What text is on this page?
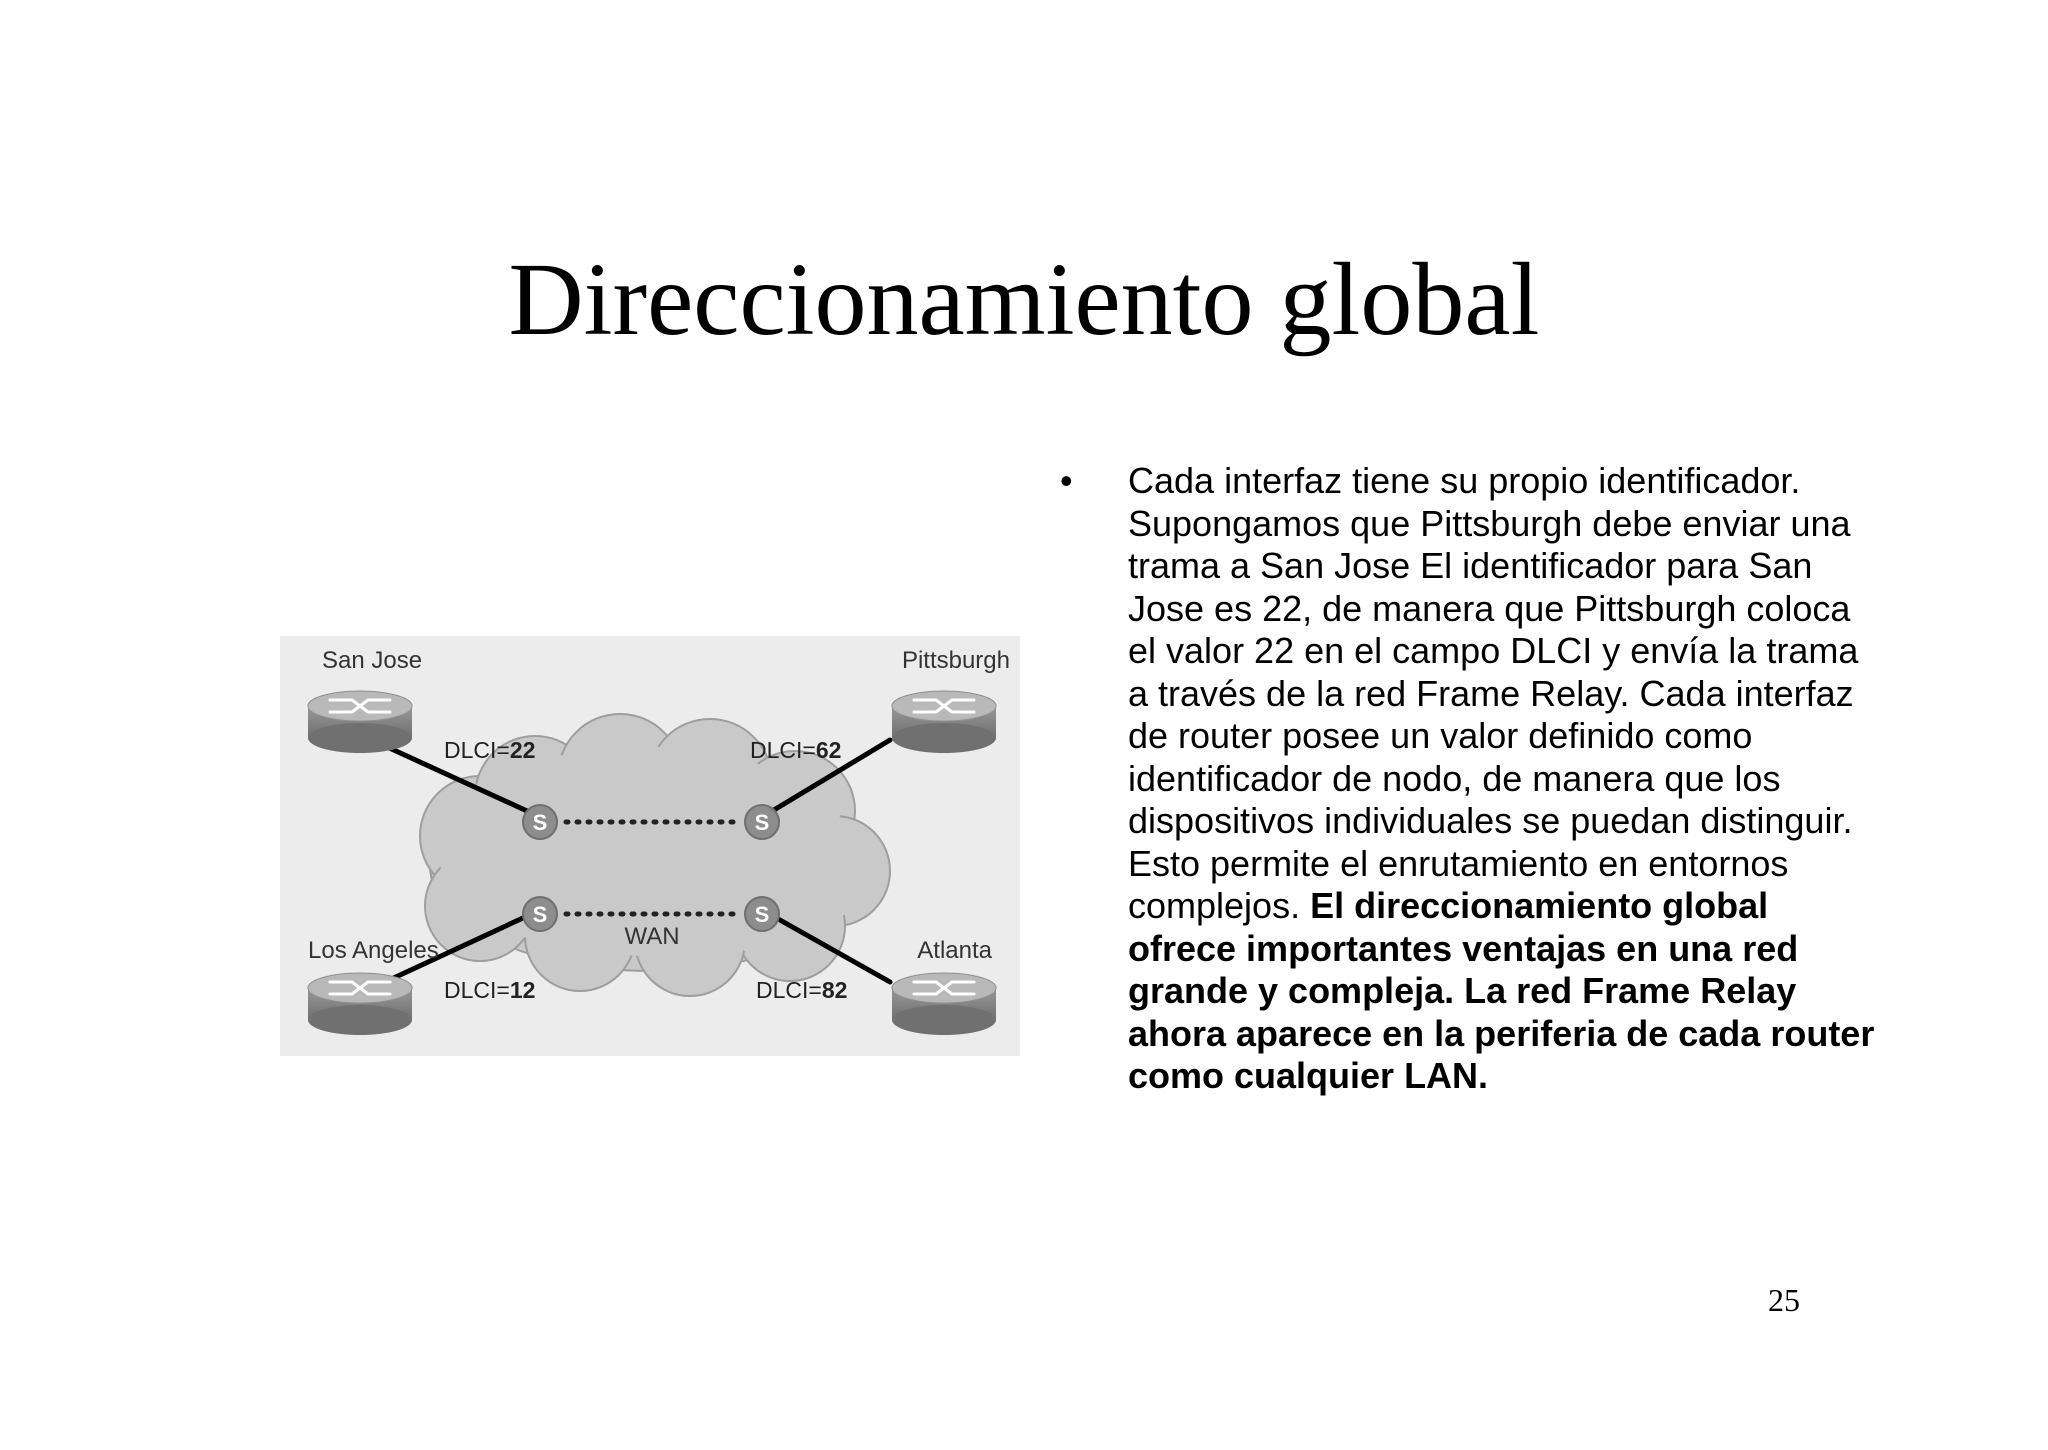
Direccionamiento global
S	S
S	S
WAN
San Jose	Pittsburgh
Los Angeles	Atlanta
DLCI=22	DLCI=62
DLCI=12	DLCI=82
• Cada interfaz tiene su propio identificador. Supongamos que Pittsburgh debe enviar una trama a San Jose El identificador para San Jose es 22, de manera que Pittsburgh coloca el valor 22 en el campo DLCI y envía la trama a través de la red Frame Relay. Cada interfaz de router posee un valor definido como identificador de nodo, de manera que los dispositivos individuales se puedan distinguir. Esto permite el enrutamiento en entornos complejos. El direccionamiento global ofrece importantes ventajas en una red grande y compleja. La red Frame Relay ahora aparece en la periferia de cada router como cualquier LAN.

25
